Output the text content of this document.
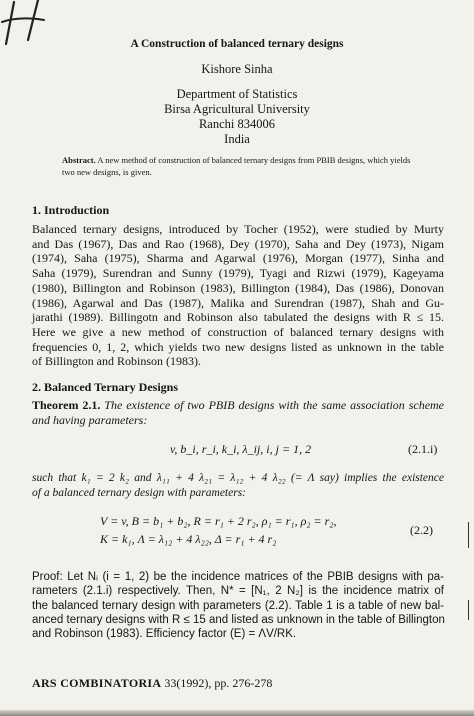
A Construction of balanced ternary designs
Kishore Sinha
Department of Statistics
Birsa Agricultural University
Ranchi 834006
India
Abstract. A new method of construction of balanced ternary designs from PBIB designs, which yields two new designs, is given.
1. Introduction
Balanced ternary designs, introduced by Tocher (1952), were studied by Murty
and Das (1967), Das and Rao (1968), Dey (1970), Saha and Dey (1973), Nigam
(1974), Saha (1975), Sharma and Agarwal (1976), Morgan (1977), Sinha and
Saha (1979), Surendran and Sunny (1979), Tyagi and Rizwi (1979), Kageyama
(1980), Billington and Robinson (1983), Billington (1984), Das (1986), Donovan
(1986), Agarwal and Das (1987), Malika and Surendran (1987), Shah and Gu-
jarathi (1989). Billingotn and Robinson also tabulated the designs with R ≤ 15.
Here we give a new method of construction of balanced ternary designs with
frequencies 0, 1, 2, which yields two new designs listed as unknown in the table
of Billington and Robinson (1983).
2. Balanced Ternary Designs
Theorem 2.1. The existence of two PBIB designs with the same association scheme
and having parameters:
v, b_i, r_i, k_i, λ_ij, i, j = 1, 2	(2.1.i)
such that k₁ = 2 k₂ and λ₁₁ + 4 λ₂₁ = λ₁₂ + 4 λ₂₂ (= Λ say) implies the existence
of a balanced ternary design with parameters:
V = v, B = b₁ + b₂, R = r₁ + 2 r₂, ρ₁ = r₁, ρ₂ = r₂,
K = k₁, Λ = λ₁₂ + 4 λ₂₂, Δ = r₁ + 4 r₂
(2.2)
Proof: Let Nᵢ (i = 1, 2) be the incidence matrices of the PBIB designs with pa-
rameters (2.1.i) respectively. Then, N* = [N₁, 2 N₂] is the incidence matrix of
the balanced ternary design with parameters (2.2). Table 1 is a table of new bal-
anced ternary designs with R ≤ 15 and listed as unknown in the table of Billington
and Robinson (1983). Efficiency factor (E) = ΛV/RK.
ARS COMBINATORIA 33(1992), pp. 276-278
